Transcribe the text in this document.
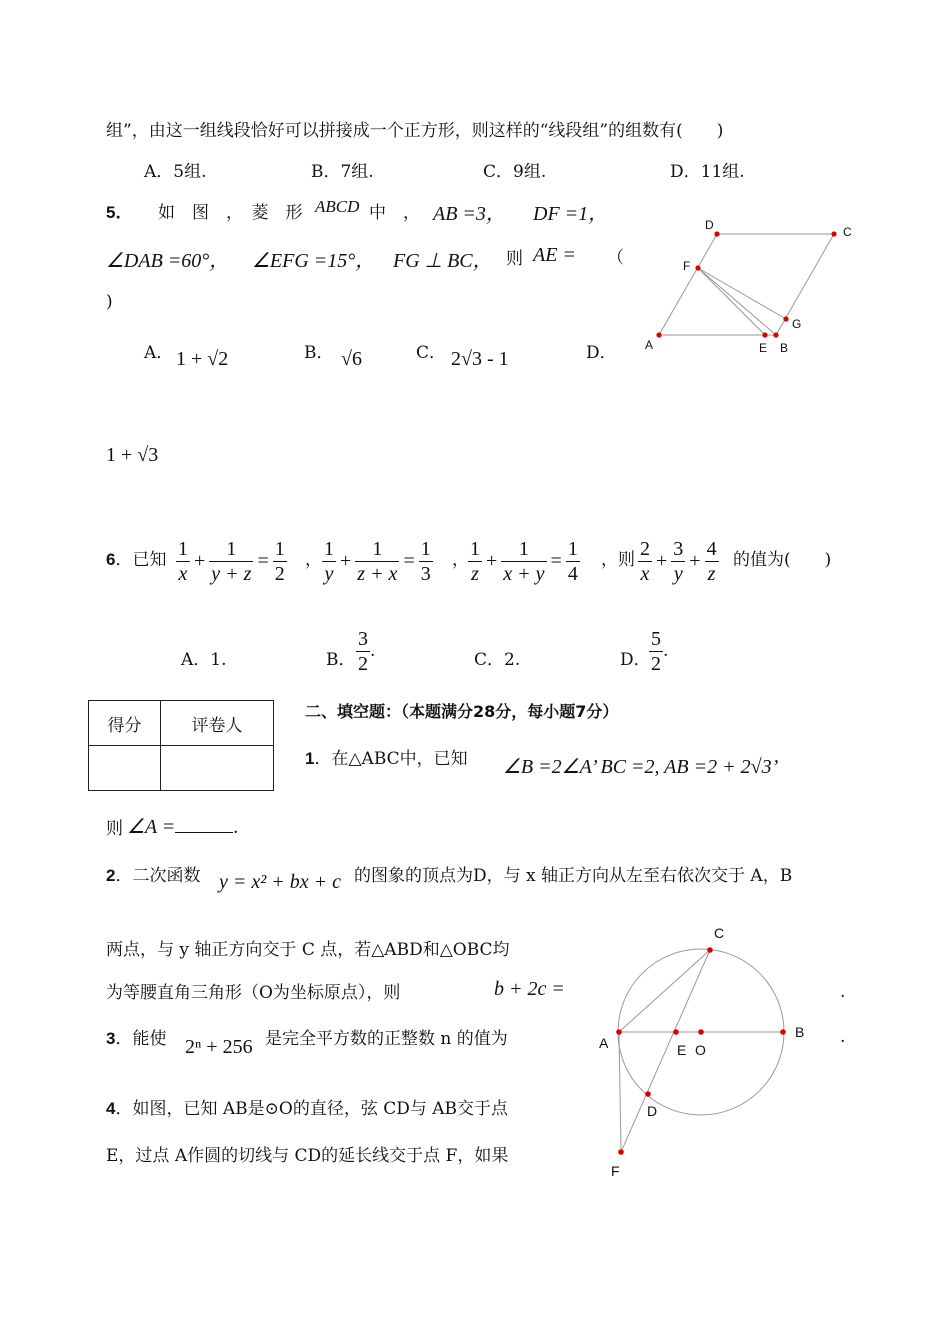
组”，由这一组线段恰好可以拼接成一个正方形，则这样的“线段组”的组数有(　　)
A．5组.	B．7组.	C．9组.	D．11组.
5． 如　图　，　菱　形 ABCD 中　， AB =3， DF =1，
∠DAB =60°， ∠EFG =15°， FG ⊥ BC， 则 AE = （
)
A． 1 + √2	B． √6	C． 2√3 - 1	D．
1 + √3
A	B
E
C
D
F
G
6．已知 $\frac{1}{x} + \frac{1}{y + z} = \frac{1}{2}$ ， $\frac{1}{y} + \frac{1}{z + x} = \frac{1}{3}$ ， $\frac{1}{z} + \frac{1}{x + y} = \frac{1}{4}$ ，则 $\frac{2}{x} + \frac{3}{y} + \frac{4}{z}$ 的值为(　　)
A．1.	B． $\frac{3}{2}$ .	C．2.	D．
$\frac{5}{2}$ .
得分	评卷人

二、填空题：（本题满分28分，每小题7分）
1．在△ABC中，已知 ∠B =2∠A’ BC =2, AB =2 + 2√3’
则 ∠A =	.
2．二次函数 y = x² + bx + c 的图象的顶点为D，与 x 轴正方向从左至右依次交于 A，B
两点，与 y 轴正方向交于 C 点，若△ABD和△OBC均
为等腰直角三角形（O为坐标原点），则	b + 2c =	.
3．能使 2ⁿ + 256 是完全平方数的正整数 n 的值为	.
4．如图，已知 AB是⊙O的直径，弦 CD与 AB交于点
E，过点 A作圆的切线与 CD的延长线交于点 F，如果
A
B
C
D
E O
F
